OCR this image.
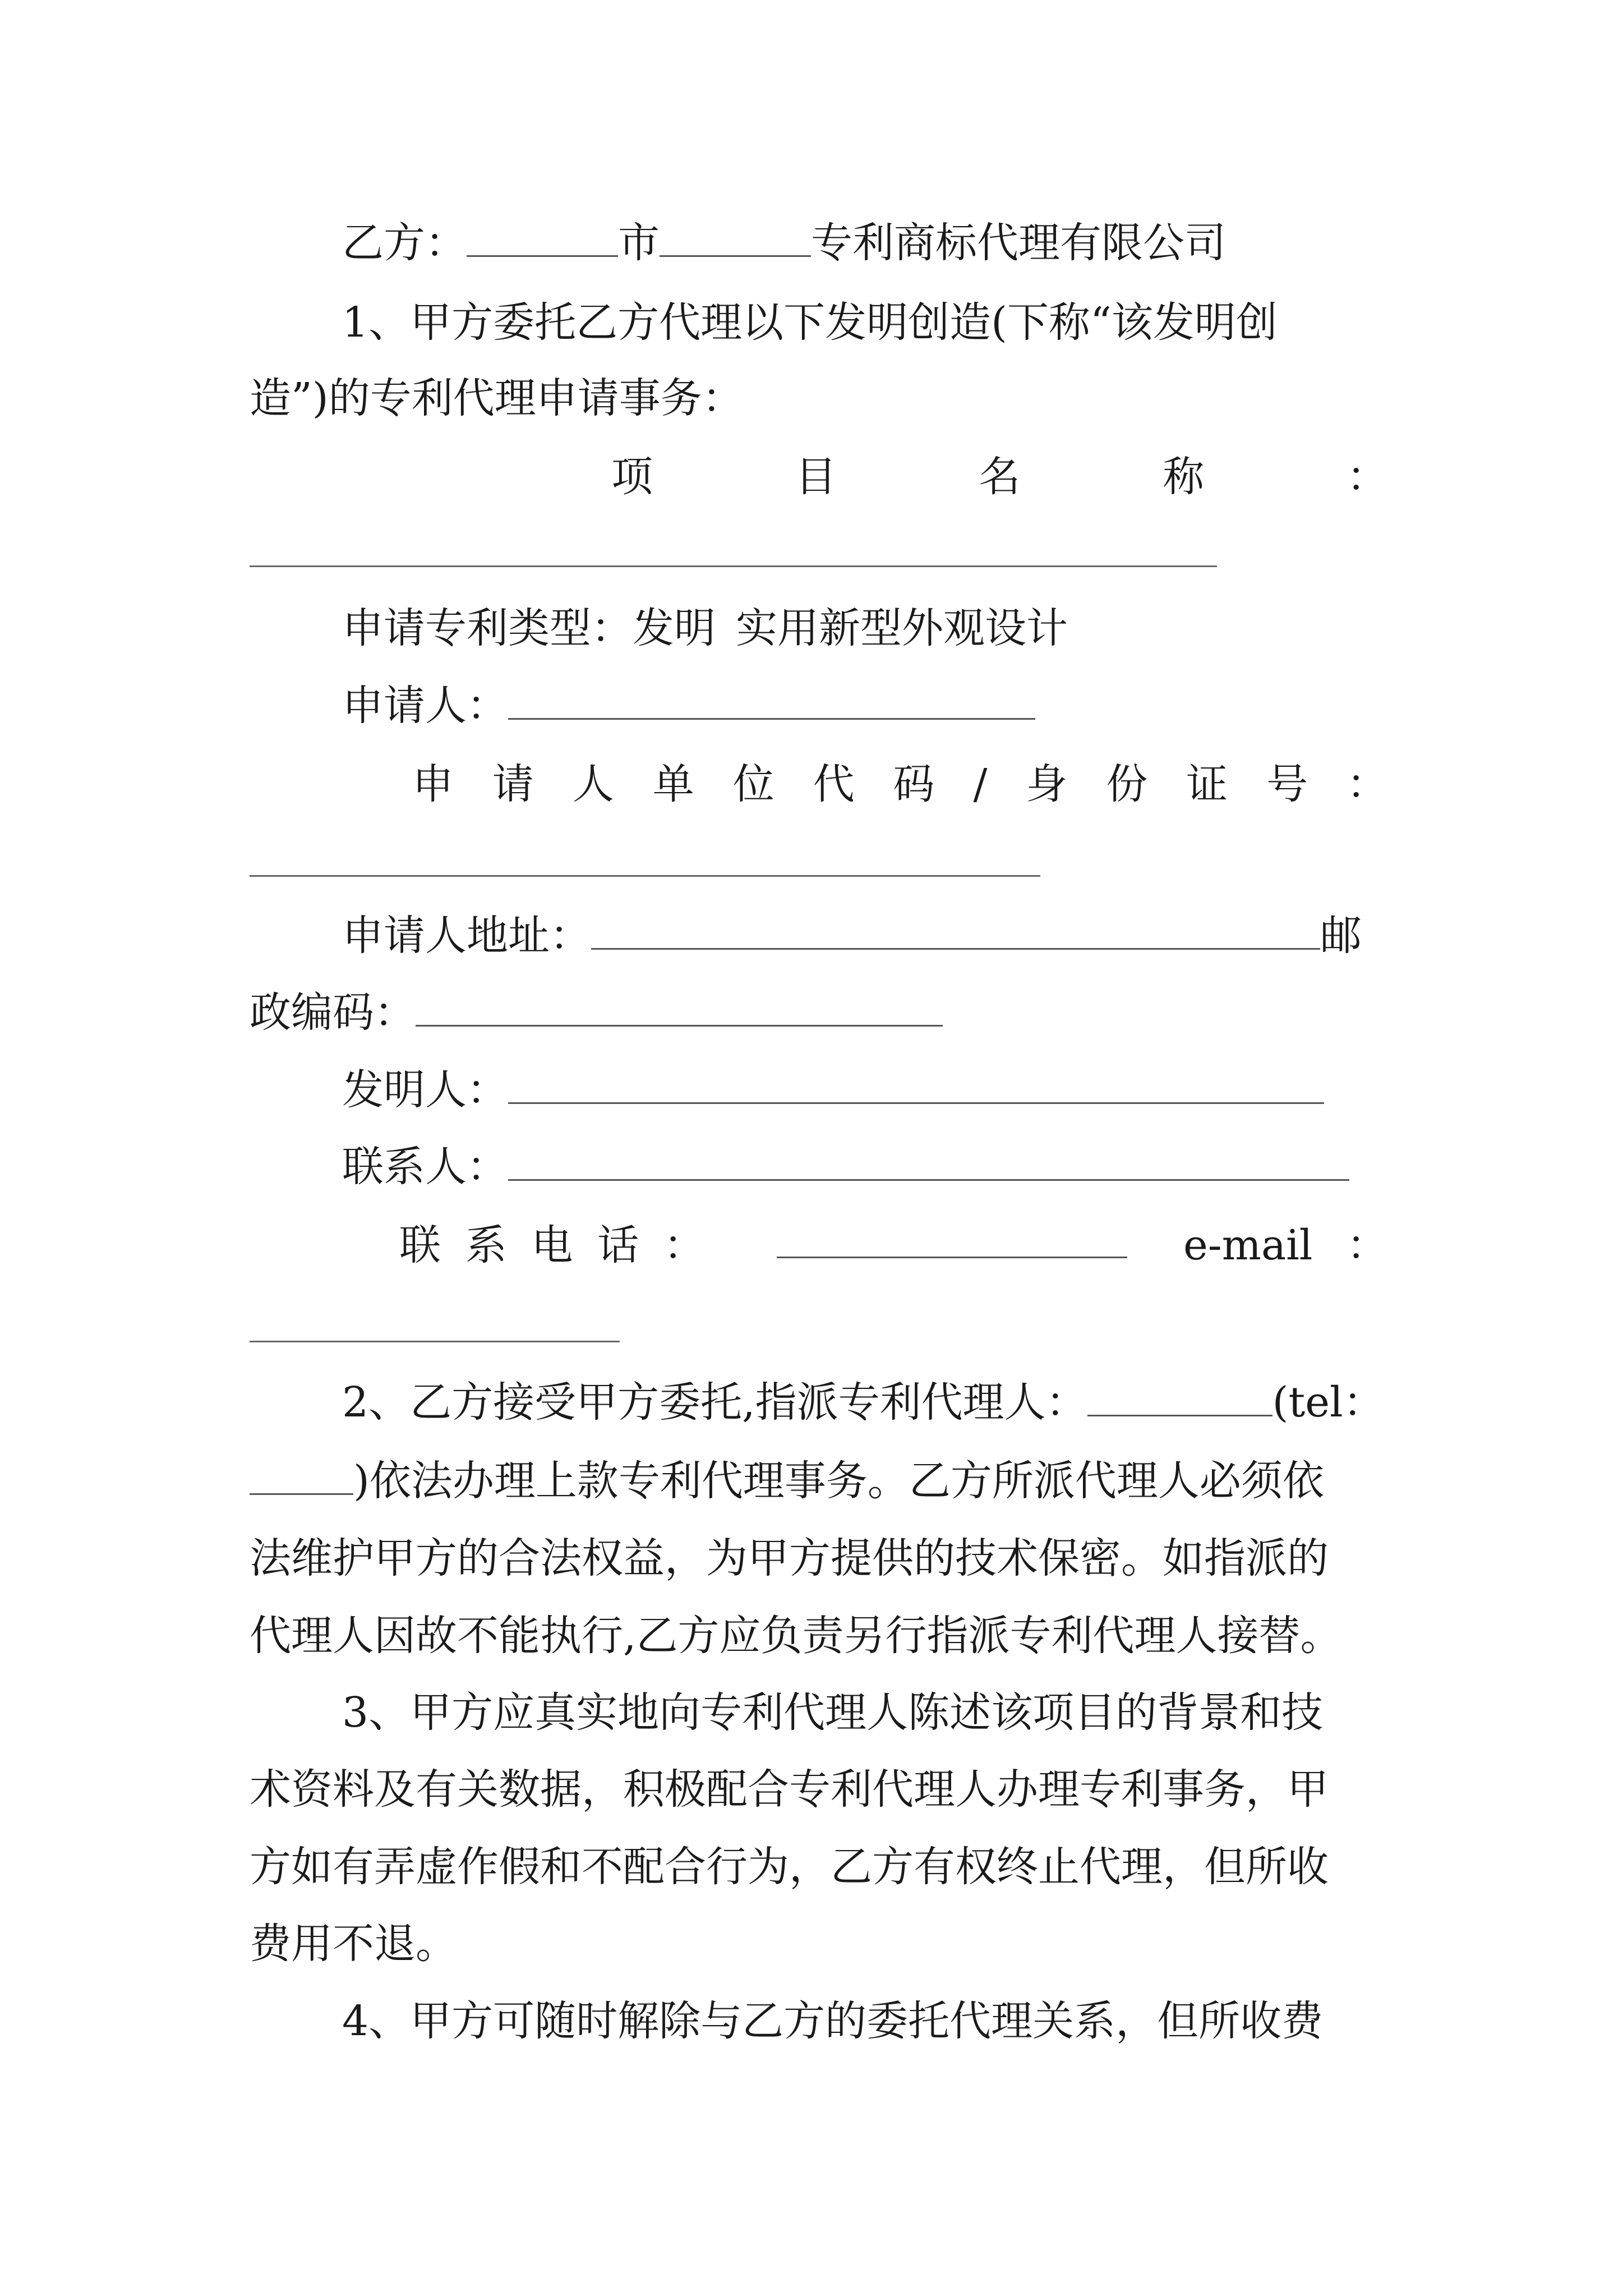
乙方：	市	专利商标代理有限公司
1、甲方委托乙方代理以下发明创造(下称“该发明创
造”)的专利代理申请事务：
项	目	名	称	：
申请专利类型：发明 实用新型外观设计
申请人：
申 请 人 单 位 代 码 / 身 份 证 号 ：
申请人地址：	邮
政编码：
发明人：
联系人：
联 系 电 话 ：	e-mail ：
2、乙方接受甲方委托,指派专利代理人：	(tel：
)依法办理上款专利代理事务。乙方所派代理人必须依
法维护甲方的合法权益，为甲方提供的技术保密。如指派的
代理人因故不能执行,乙方应负责另行指派专利代理人接替。
3、甲方应真实地向专利代理人陈述该项目的背景和技
术资料及有关数据，积极配合专利代理人办理专利事务，甲
方如有弄虚作假和不配合行为，乙方有权终止代理，但所收
费用不退。
4、甲方可随时解除与乙方的委托代理关系，但所收费
